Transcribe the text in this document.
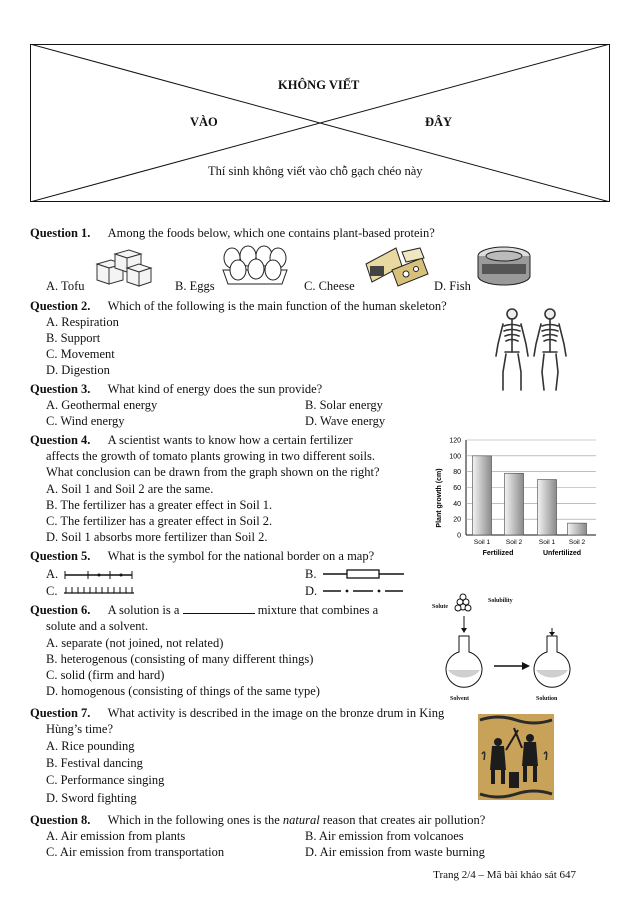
KHÔNG VIẾT
VÀO	ĐÂY
Thí sinh không viết vào chỗ gạch chéo này
Question 1. Among the foods below, which one contains plant-based protein?
A. Tofu	B. Eggs	C. Cheese	D. Fish
Question 2. Which of the following is the main function of the human skeleton?
A. Respiration
B. Support
C. Movement
D. Digestion
Question 3. What kind of energy does the sun provide?
A. Geothermal energy	B. Solar energy
C. Wind energy	D. Wave energy
Question 4. A scientist wants to know how a certain fertilizer
affects the growth of tomato plants growing in two different soils.
What conclusion can be drawn from the graph shown on the right?
A. Soil 1 and Soil 2 are the same.
B. The fertilizer has a greater effect in Soil 1.
C. The fertilizer has a greater effect in Soil 2.
D. Soil 1 absorbs more fertilizer than Soil 2.
Plant growth (cm)
0
20
40
60
80
100
120
Soil 1 Soil 2	Soil 1 Soil 2
Fertilized	Unfertilized
Question 5. What is the symbol for the national border on a map?
A.	B.
C.	D.
Question 6. A solution is a	mixture that combines a
solute and a solvent.
A. separate (not joined, not related)
B. heterogenous (consisting of many different things)
C. solid (firm and hard)
D. homogenous (consisting of things of the same type)
Solute
Solubility
Solvent	Solution
Question 7. What activity is described in the image on the bronze drum in King
Hùng’s time?
A. Rice pounding
B. Festival dancing
C. Performance singing
D. Sword fighting
Question 8. Which in the following ones is the natural reason that creates air pollution?
A. Air emission from plants	B. Air emission from volcanoes
C. Air emission from transportation	D. Air emission from waste burning
Trang 2/4 – Mã bài khảo sát 647
